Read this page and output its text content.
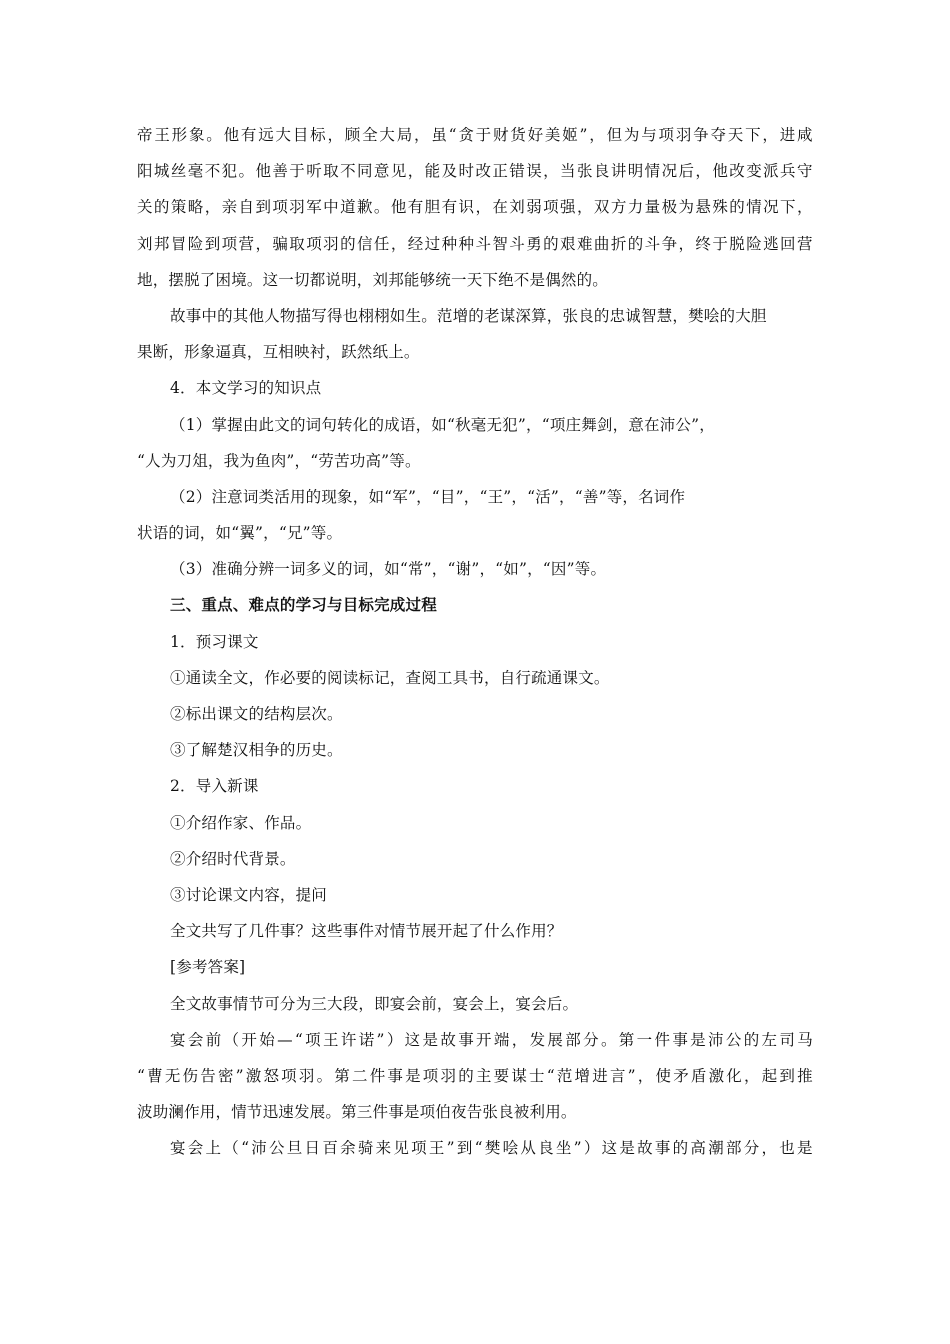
帝 王 形 象 。 他 有 远 大 目 标 ， 顾 全 大 局 ， 虽 “ 贪 于 财 货 好 美 姬 ” ， 但 为 与 项 羽 争 夺 天 下 ， 进 咸
阳 城 丝 毫 不 犯 。 他 善 于 听 取 不 同 意 见 ， 能 及 时 改 正 错 误 ， 当 张 良 讲 明 情 况 后 ， 他 改 变 派 兵 守
关 的 策 略 ， 亲 自 到 项 羽 军 中 道 歉 。 他 有 胆 有 识 ， 在 刘 弱 项 强 ， 双 方 力 量 极 为 悬 殊 的 情 况 下 ，
刘 邦 冒 险 到 项 营 ， 骗 取 项 羽 的 信 任 ， 经 过 种 种 斗 智 斗 勇 的 艰 难 曲 折 的 斗 争 ， 终 于 脱 险 逃 回 营
地，摆脱了困境。这一切都说明，刘邦能够统一天下绝不是偶然的。
故事中的其他人物描写得也栩栩如生。范增的老谋深算，张良的忠诚智慧，樊哙的大胆
果断，形象逼真，互相映衬，跃然纸上。
4．本文学习的知识点
（1）掌握由此文的词句转化的成语，如“秋毫无犯”，“项庄舞剑，意在沛公”，
“人为刀俎，我为鱼肉”，“劳苦功高”等。
（2）注意词类活用的现象，如“军”，“目”，“王”，“活”，“善”等，名词作
状语的词，如“翼”，“兄”等。
（3）准确分辨一词多义的词，如“常”，“谢”，“如”，“因”等。
三、重点、难点的学习与目标完成过程
1．预习课文
①通读全文，作必要的阅读标记，查阅工具书，自行疏通课文。
②标出课文的结构层次。
③了解楚汉相争的历史。
2．导入新课
①介绍作家、作品。
②介绍时代背景。
③讨论课文内容，提问
全文共写了几件事？这些事件对情节展开起了什么作用？
[参考答案]
全文故事情节可分为三大段，即宴会前，宴会上，宴会后。
宴 会 前 （ 开 始 — “ 项 王 许 诺 ” ） 这 是 故 事 开 端 ， 发 展 部 分 。 第 一 件 事 是 沛 公 的 左 司 马
“ 曹 无 伤 告 密 ” 激 怒 项 羽 。 第 二 件 事 是 项 羽 的 主 要 谋 士 “ 范 增 进 言 ” ， 使 矛 盾 激 化 ， 起 到 推
波助澜作用，情节迅速发展。第三件事是项伯夜告张良被利用。
宴 会 上 （ “ 沛 公 旦 日 百 余 骑 来 见 项 王 ” 到 “ 樊 哙 从 良 坐 ” ） 这 是 故 事 的 高 潮 部 分 ， 也 是
